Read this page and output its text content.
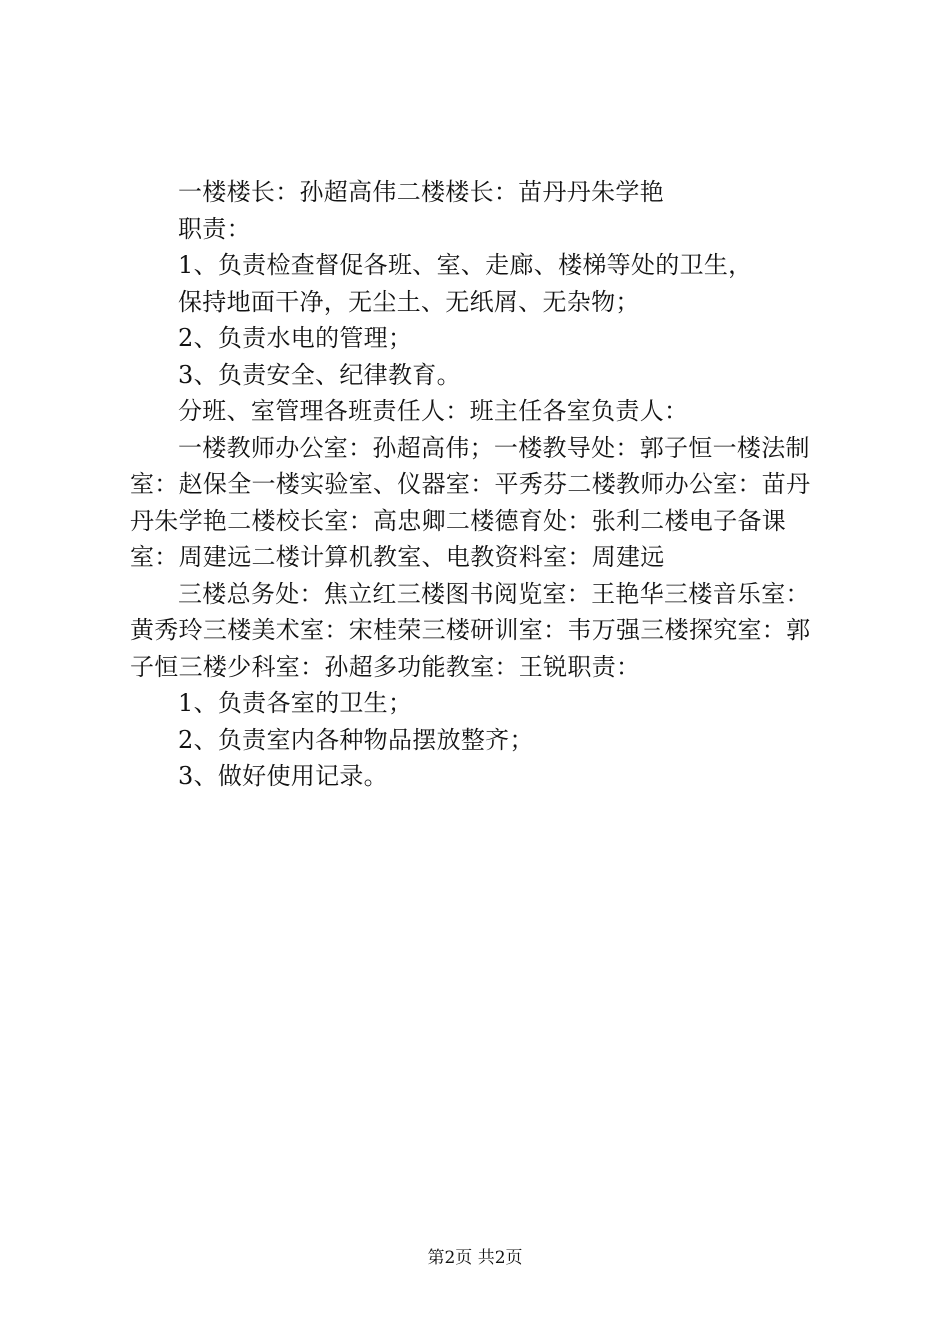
一楼楼长：孙超高伟二楼楼长：苗丹丹朱学艳

职责：

1、负责检查督促各班、室、走廊、楼梯等处的卫生，

保持地面干净，无尘土、无纸屑、无杂物；

2、负责水电的管理；

3、负责安全、纪律教育。

分班、室管理各班责任人：班主任各室负责人：

一楼教师办公室：孙超高伟；一楼教导处：郭子恒一楼法制室：赵保全一楼实验室、仪器室：平秀芬二楼教师办公室：苗丹丹朱学艳二楼校长室：高忠卿二楼德育处：张利二楼电子备课室：周建远二楼计算机教室、电教资料室：周建远

三楼总务处：焦立红三楼图书阅览室：王艳华三楼音乐室：黄秀玲三楼美术室：宋桂荣三楼研训室：韦万强三楼探究室：郭子恒三楼少科室：孙超多功能教室：王锐职责：

1、负责各室的卫生；

2、负责室内各种物品摆放整齐；

3、做好使用记录。

第2页 共2页
